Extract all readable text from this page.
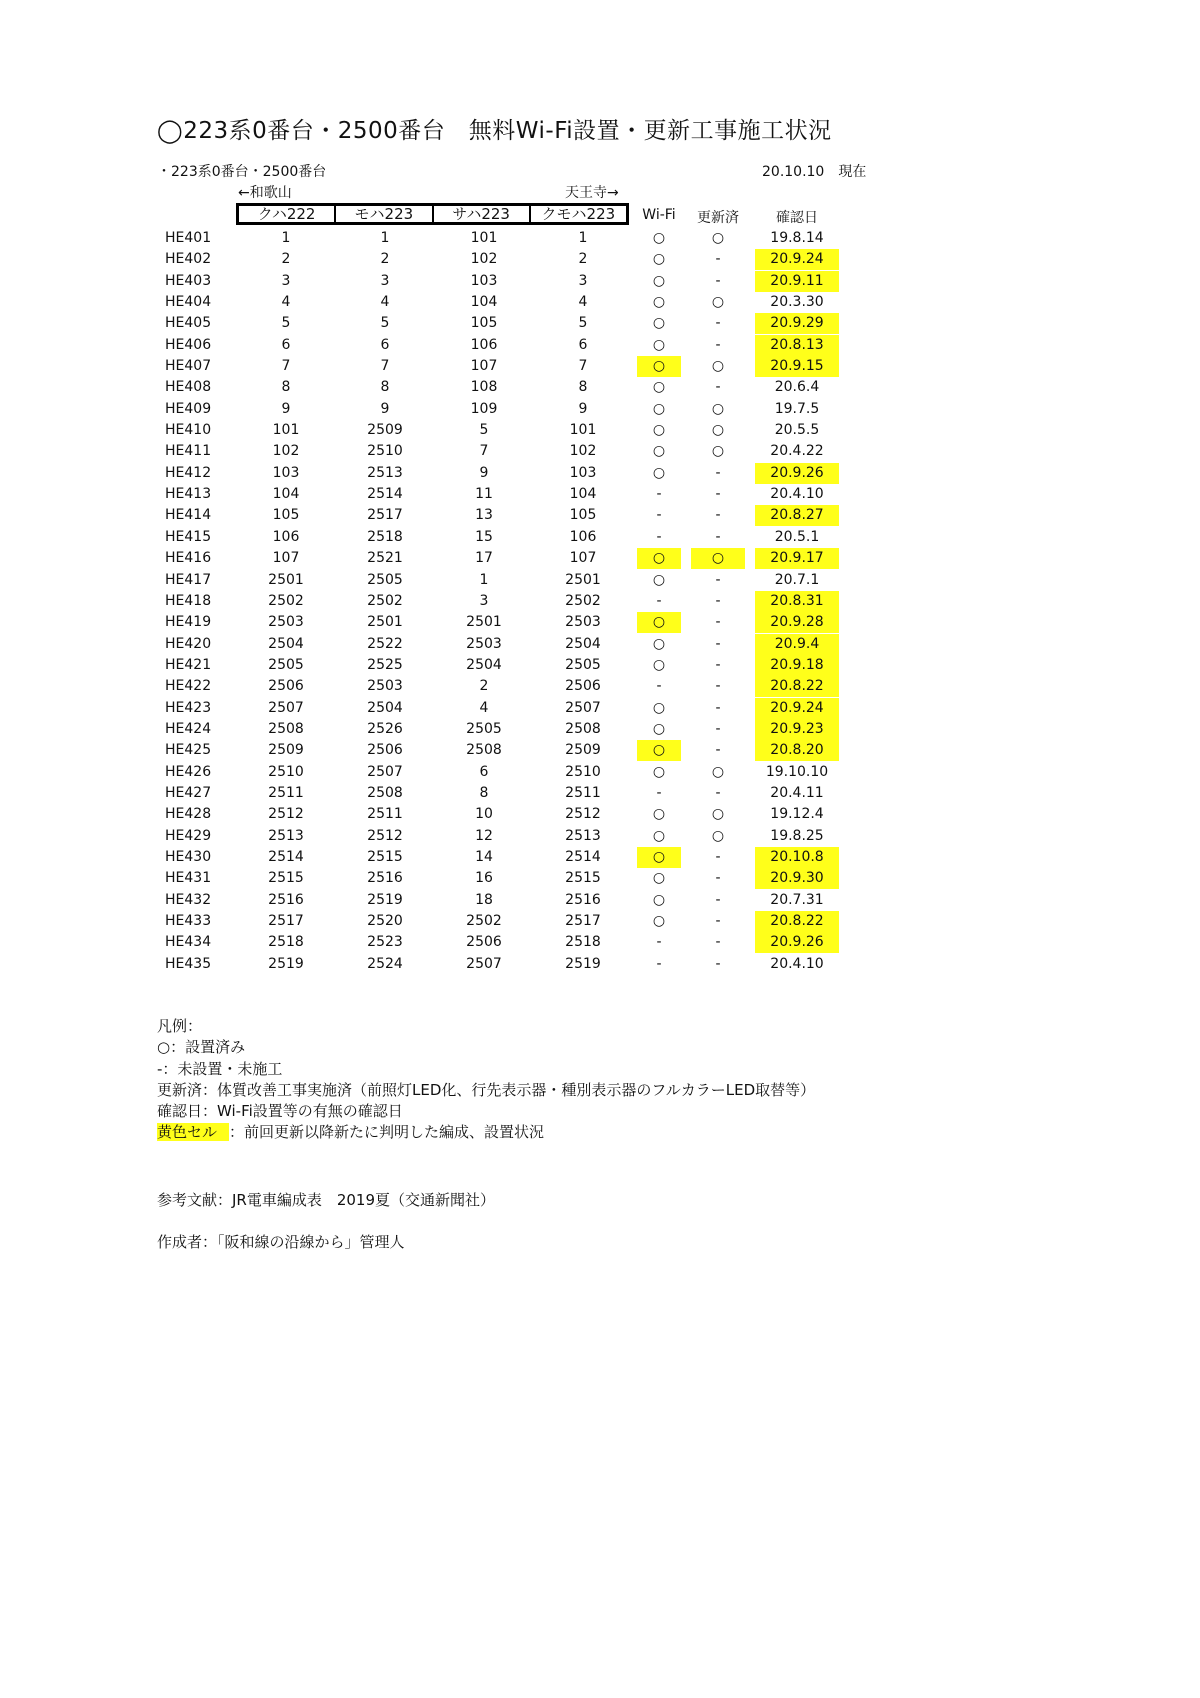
◯223系0番台・2500番台　無料Wi-Fi設置・更新工事施工状況
・223系0番台・2500番台	20.10.10　現在
←和歌山	天王寺→
クハ222	モハ223	サハ223	クモハ223	Wi-Fi	更新済	確認日
HE401	1	1	101	1	○	○	19.8.14
HE402	2	2	102	2	○	-	20.9.24
HE403	3	3	103	3	○	-	20.9.11
HE404	4	4	104	4	○	○	20.3.30
HE405	5	5	105	5	○	-	20.9.29
HE406	6	6	106	6	○	-	20.8.13
HE407	7	7	107	7	○	○	20.9.15
HE408	8	8	108	8	○	-	20.6.4
HE409	9	9	109	9	○	○	19.7.5
HE410	101	2509	5	101	○	○	20.5.5
HE411	102	2510	7	102	○	○	20.4.22
HE412	103	2513	9	103	○	-	20.9.26
HE413	104	2514	11	104	-	-	20.4.10
HE414	105	2517	13	105	-	-	20.8.27
HE415	106	2518	15	106	-	-	20.5.1
HE416	107	2521	17	107	○	○	20.9.17
HE417	2501	2505	1	2501	○	-	20.7.1
HE418	2502	2502	3	2502	-	-	20.8.31
HE419	2503	2501	2501	2503	○	-	20.9.28
HE420	2504	2522	2503	2504	○	-	20.9.4
HE421	2505	2525	2504	2505	○	-	20.9.18
HE422	2506	2503	2	2506	-	-	20.8.22
HE423	2507	2504	4	2507	○	-	20.9.24
HE424	2508	2526	2505	2508	○	-	20.9.23
HE425	2509	2506	2508	2509	○	-	20.8.20
HE426	2510	2507	6	2510	○	○	19.10.10
HE427	2511	2508	8	2511	-	-	20.4.11
HE428	2512	2511	10	2512	○	○	19.12.4
HE429	2513	2512	12	2513	○	○	19.8.25
HE430	2514	2515	14	2514	○	-	20.10.8
HE431	2515	2516	16	2515	○	-	20.9.30
HE432	2516	2519	18	2516	○	-	20.7.31
HE433	2517	2520	2502	2517	○	-	20.8.22
HE434	2518	2523	2506	2518	-	-	20.9.26
HE435	2519	2524	2507	2519	-	-	20.4.10
凡例：
○：設置済み
-：未設置・未施工
更新済：体質改善工事実施済（前照灯LED化、行先表示器・種別表示器のフルカラーLED取替等）
確認日：Wi-Fi設置等の有無の確認日
黄色セル ：前回更新以降新たに判明した編成、設置状況
参考文献：JR電車編成表　2019夏（交通新聞社）
作成者：「阪和線の沿線から」管理人
